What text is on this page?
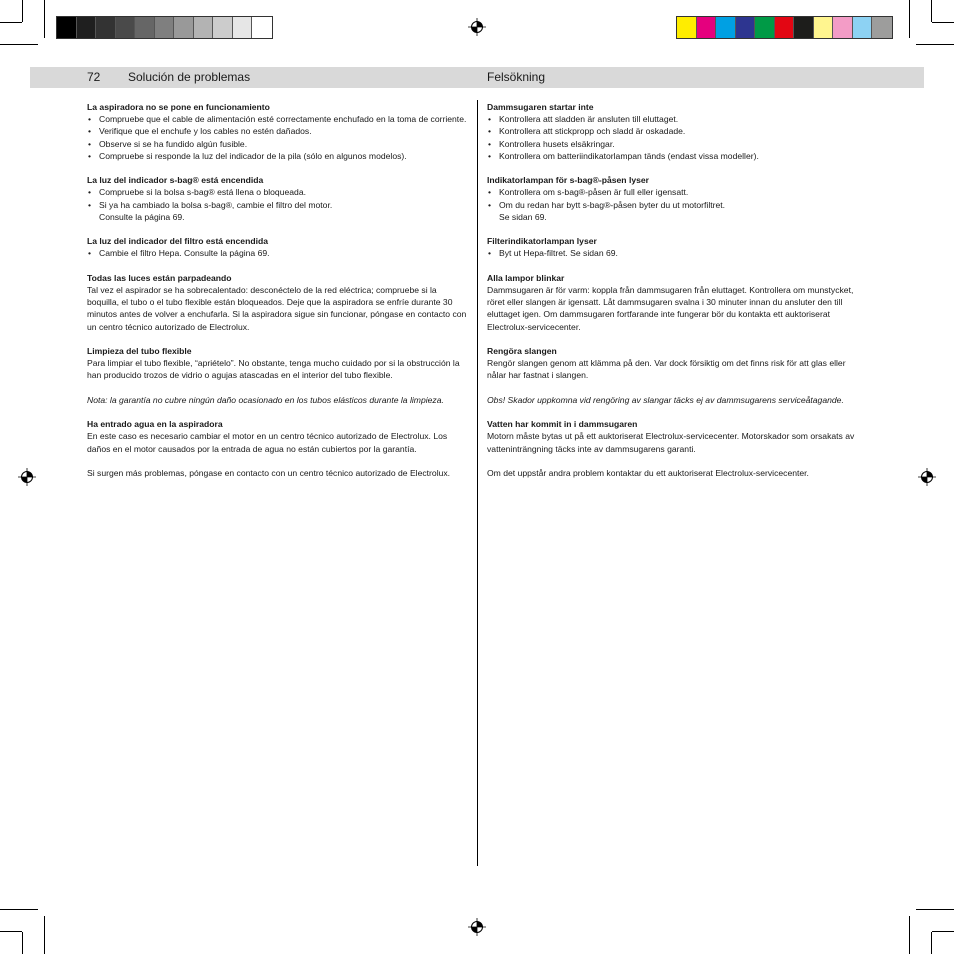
72 Solución de problemas	Felsökning
La aspiradora no se pone en funcionamiento
• Compruebe que el cable de alimentación esté correctamente enchufado en la toma de corriente.
• Verifique que el enchufe y los cables no estén dañados.
• Observe si se ha fundido algún fusible.
• Compruebe si responde la luz del indicador de la pila (sólo en algunos modelos).
La luz del indicador s-bag® está encendida
• Compruebe si la bolsa s-bag® está llena o bloqueada.
• Si ya ha cambiado la bolsa s-bag®, cambie el filtro del motor.
Consulte la página 69.
La luz del indicador del filtro está encendida
• Cambie el filtro Hepa. Consulte la página 69.
Todas las luces están parpadeando

Tal vez el aspirador se ha sobrecalentado: desconéctelo de la red eléctrica; compruebe si la boquilla, el tubo o el tubo flexible están bloqueados. Deje que la aspiradora se enfríe durante 30 minutos antes de volver a enchufarla. Si la aspiradora sigue sin funcionar, póngase en contacto con un centro técnico autorizado de Electrolux.

Limpieza del tubo flexible

Para limpiar el tubo flexible, “apriételo”. No obstante, tenga mucho cuidado por si la obstrucción la han producido trozos de vidrio o agujas atascadas en el interior del tubo flexible.

Nota: la garantía no cubre ningún daño ocasionado en los tubos elásticos durante la limpieza.

Ha entrado agua en la aspiradora

En este caso es necesario cambiar el motor en un centro técnico autorizado de Electrolux. Los daños en el motor causados por la entrada de agua no están cubiertos por la garantía.

Si surgen más problemas, póngase en contacto con un centro técnico autorizado de Electrolux.

Dammsugaren startar inte
• Kontrollera att sladden är ansluten till eluttaget.
• Kontrollera att stickpropp och sladd är oskadade.
• Kontrollera husets elsäkringar.
• Kontrollera om batteriindikatorlampan tänds (endast vissa modeller).
Indikatorlampan för s-bag®-påsen lyser
• Kontrollera om s-bag®-påsen är full eller igensatt.
• Om du redan har bytt s-bag®-påsen byter du ut motorfiltret.
Se sidan 69.
Filterindikatorlampan lyser
• Byt ut Hepa-filtret. Se sidan 69.
Alla lampor blinkar

Dammsugaren är för varm: koppla från dammsugaren från eluttaget. Kontrollera om munstycket, röret eller slangen är igensatt. Låt dammsugaren svalna i 30 minuter innan du ansluter den till eluttaget igen. Om dammsugaren fortfarande inte fungerar bör du kontakta ett auktoriserat Electrolux-servicecenter.

Rengöra slangen

Rengör slangen genom att klämma på den. Var dock försiktig om det finns risk för att glas eller nålar har fastnat i slangen.

Obs! Skador uppkomna vid rengöring av slangar täcks ej av dammsugarens serviceåtagande.

Vatten har kommit in i dammsugaren

Motorn måste bytas ut på ett auktoriserat Electrolux-servicecenter. Motorskador som orsakats av vatteninträngning täcks inte av dammsugarens garanti.

Om det uppstår andra problem kontaktar du ett auktoriserat Electrolux-servicecenter.
